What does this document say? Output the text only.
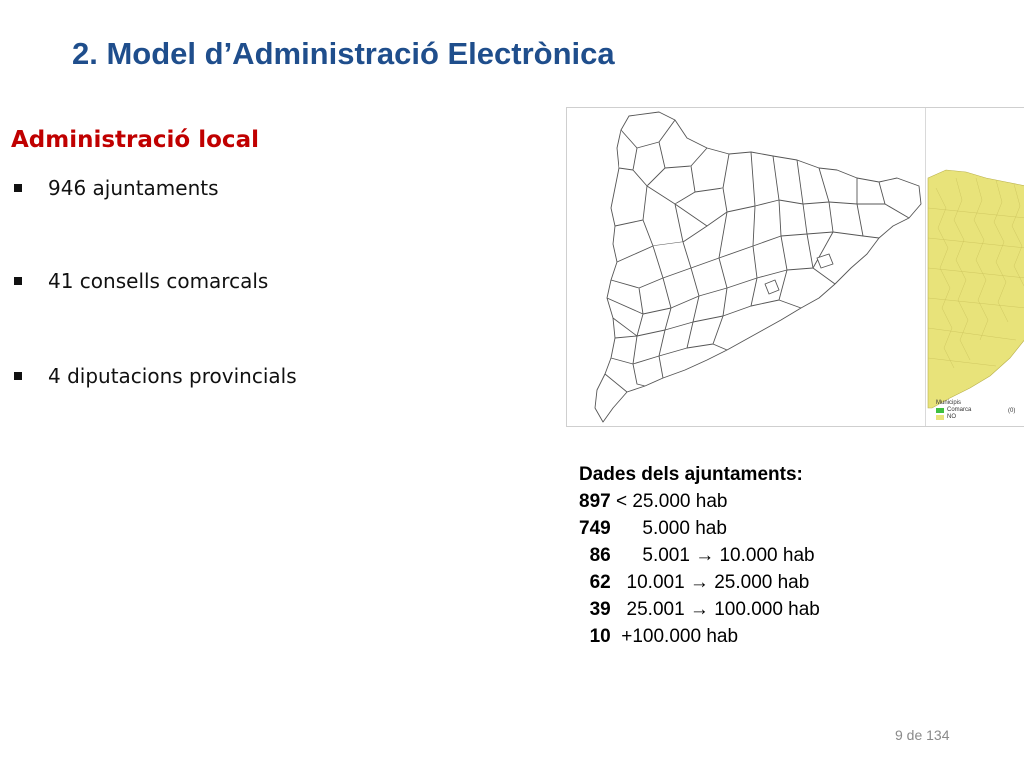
2. Model d’Administració Electrònica
Administració local
946 ajuntaments
41 consells comarcals
4 diputacions provincials
Municipis
Comarca
NO
(0)
Dades dels ajuntaments:
897 < 25.000 hab
749      5.000 hab
86      5.001 → 10.000 hab
62   10.001 → 25.000 hab
39   25.001 → 100.000 hab
10  +100.000 hab
9 de 134
